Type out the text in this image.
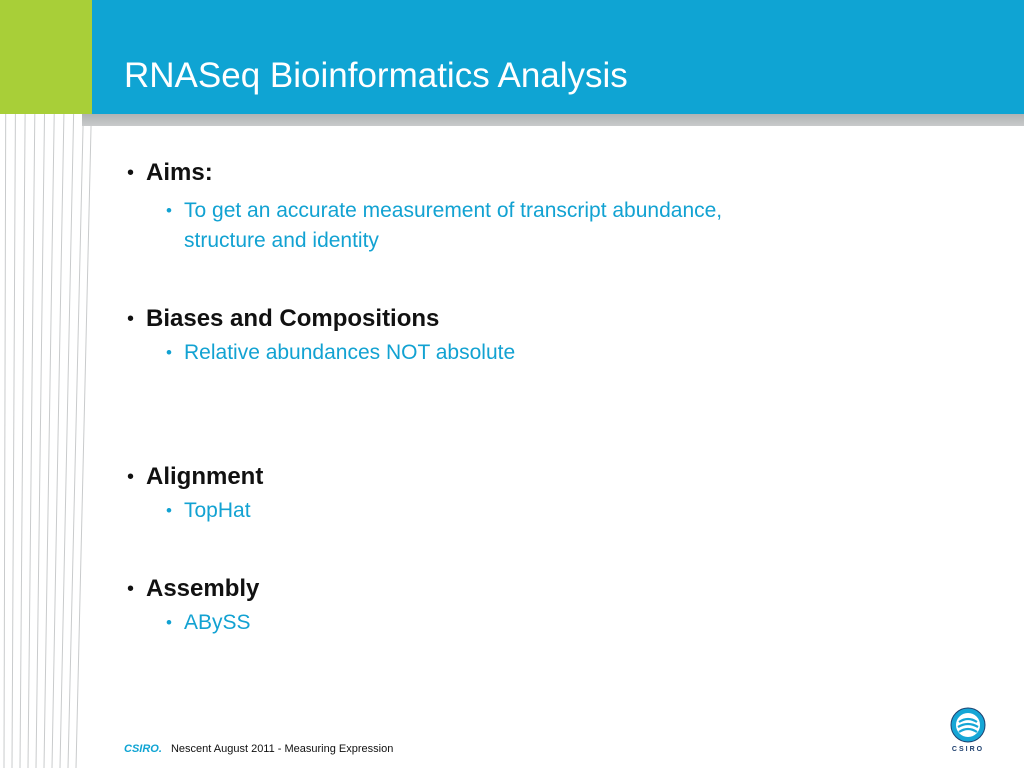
RNASeq Bioinformatics Analysis
• Aims:
• To get an accurate measurement of transcript abundance,
structure and identity
• Biases and Compositions
• Relative abundances NOT absolute
• Alignment
• TopHat
• Assembly
• ABySS
CSIRO. Nescent August 2011 - Measuring Expression	CSIRO
